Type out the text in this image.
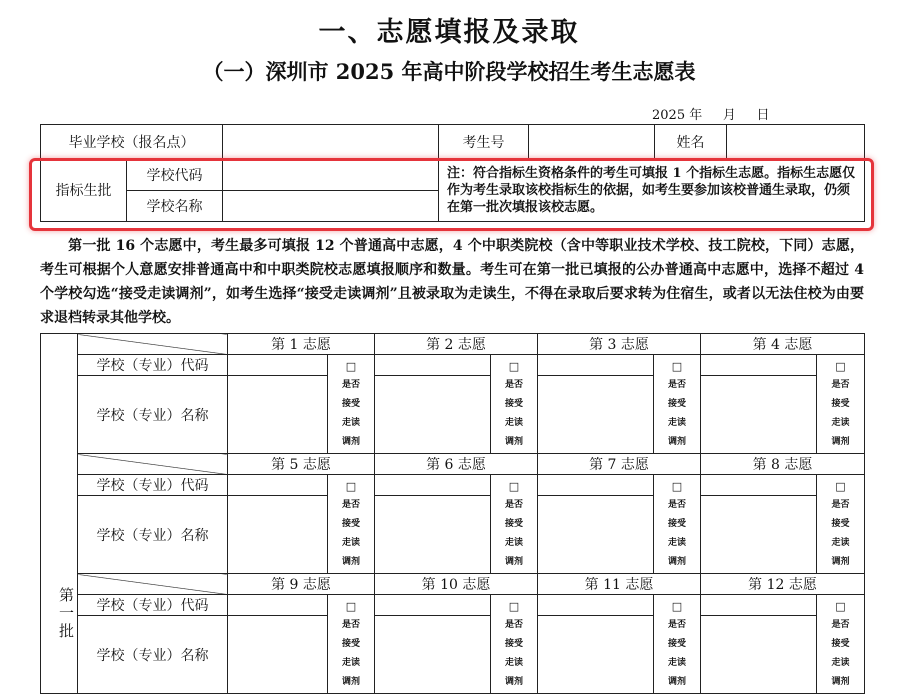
一、志愿填报及录取
（一）深圳市 2025 年高中阶段学校招生考生志愿表
2025 年     月     日
毕业学校（报名点）			考生号		姓名	
指标生批	学校代码		注：符合指标生资格条件的考生可填报 1 个指标生志愿。指标生志愿仅作为考生录取该校指标生的依据，如考生要参加该校普通生录取，仍须在第一批次填报该校志愿。			
	学校名称					
第一批 16 个志愿中，考生最多可填报 12 个普通高中志愿，4 个中职类院校（含中等职业技术学校、技工院校，下同）志愿，考生可根据个人意愿安排普通高中和中职类院校志愿填报顺序和数量。考生可在第一批已填报的公办普通高中志愿中，选择不超过 4 个学校勾选“接受走读调剂”，如考生选择“接受走读调剂”且被录取为走读生，不得在录取后要求转为住宿生，或者以无法住校为由要求退档转录其他学校。
第一批		第 1 志愿		第 2 志愿		第 3 志愿		第 4 志愿	
	学校（专业）代码		□
是否
接受
走读
调剂		□
是否
接受
走读
调剂		□
是否
接受
走读
调剂		□
是否
接受
走读
调剂

	学校（专业）名称								
		第 5 志愿		第 6 志愿		第 7 志愿		第 8 志愿	
	学校（专业）代码		□
是否
接受
走读
调剂		□
是否
接受
走读
调剂		□
是否
接受
走读
调剂		□
是否
接受
走读
调剂

	学校（专业）名称								
		第 9 志愿		第 10 志愿		第 11 志愿		第 12 志愿	
	学校（专业）代码		□
是否
接受
走读
调剂		□
是否
接受
走读
调剂		□
是否
接受
走读
调剂		□
是否
接受
走读
调剂

	学校（专业）名称								
